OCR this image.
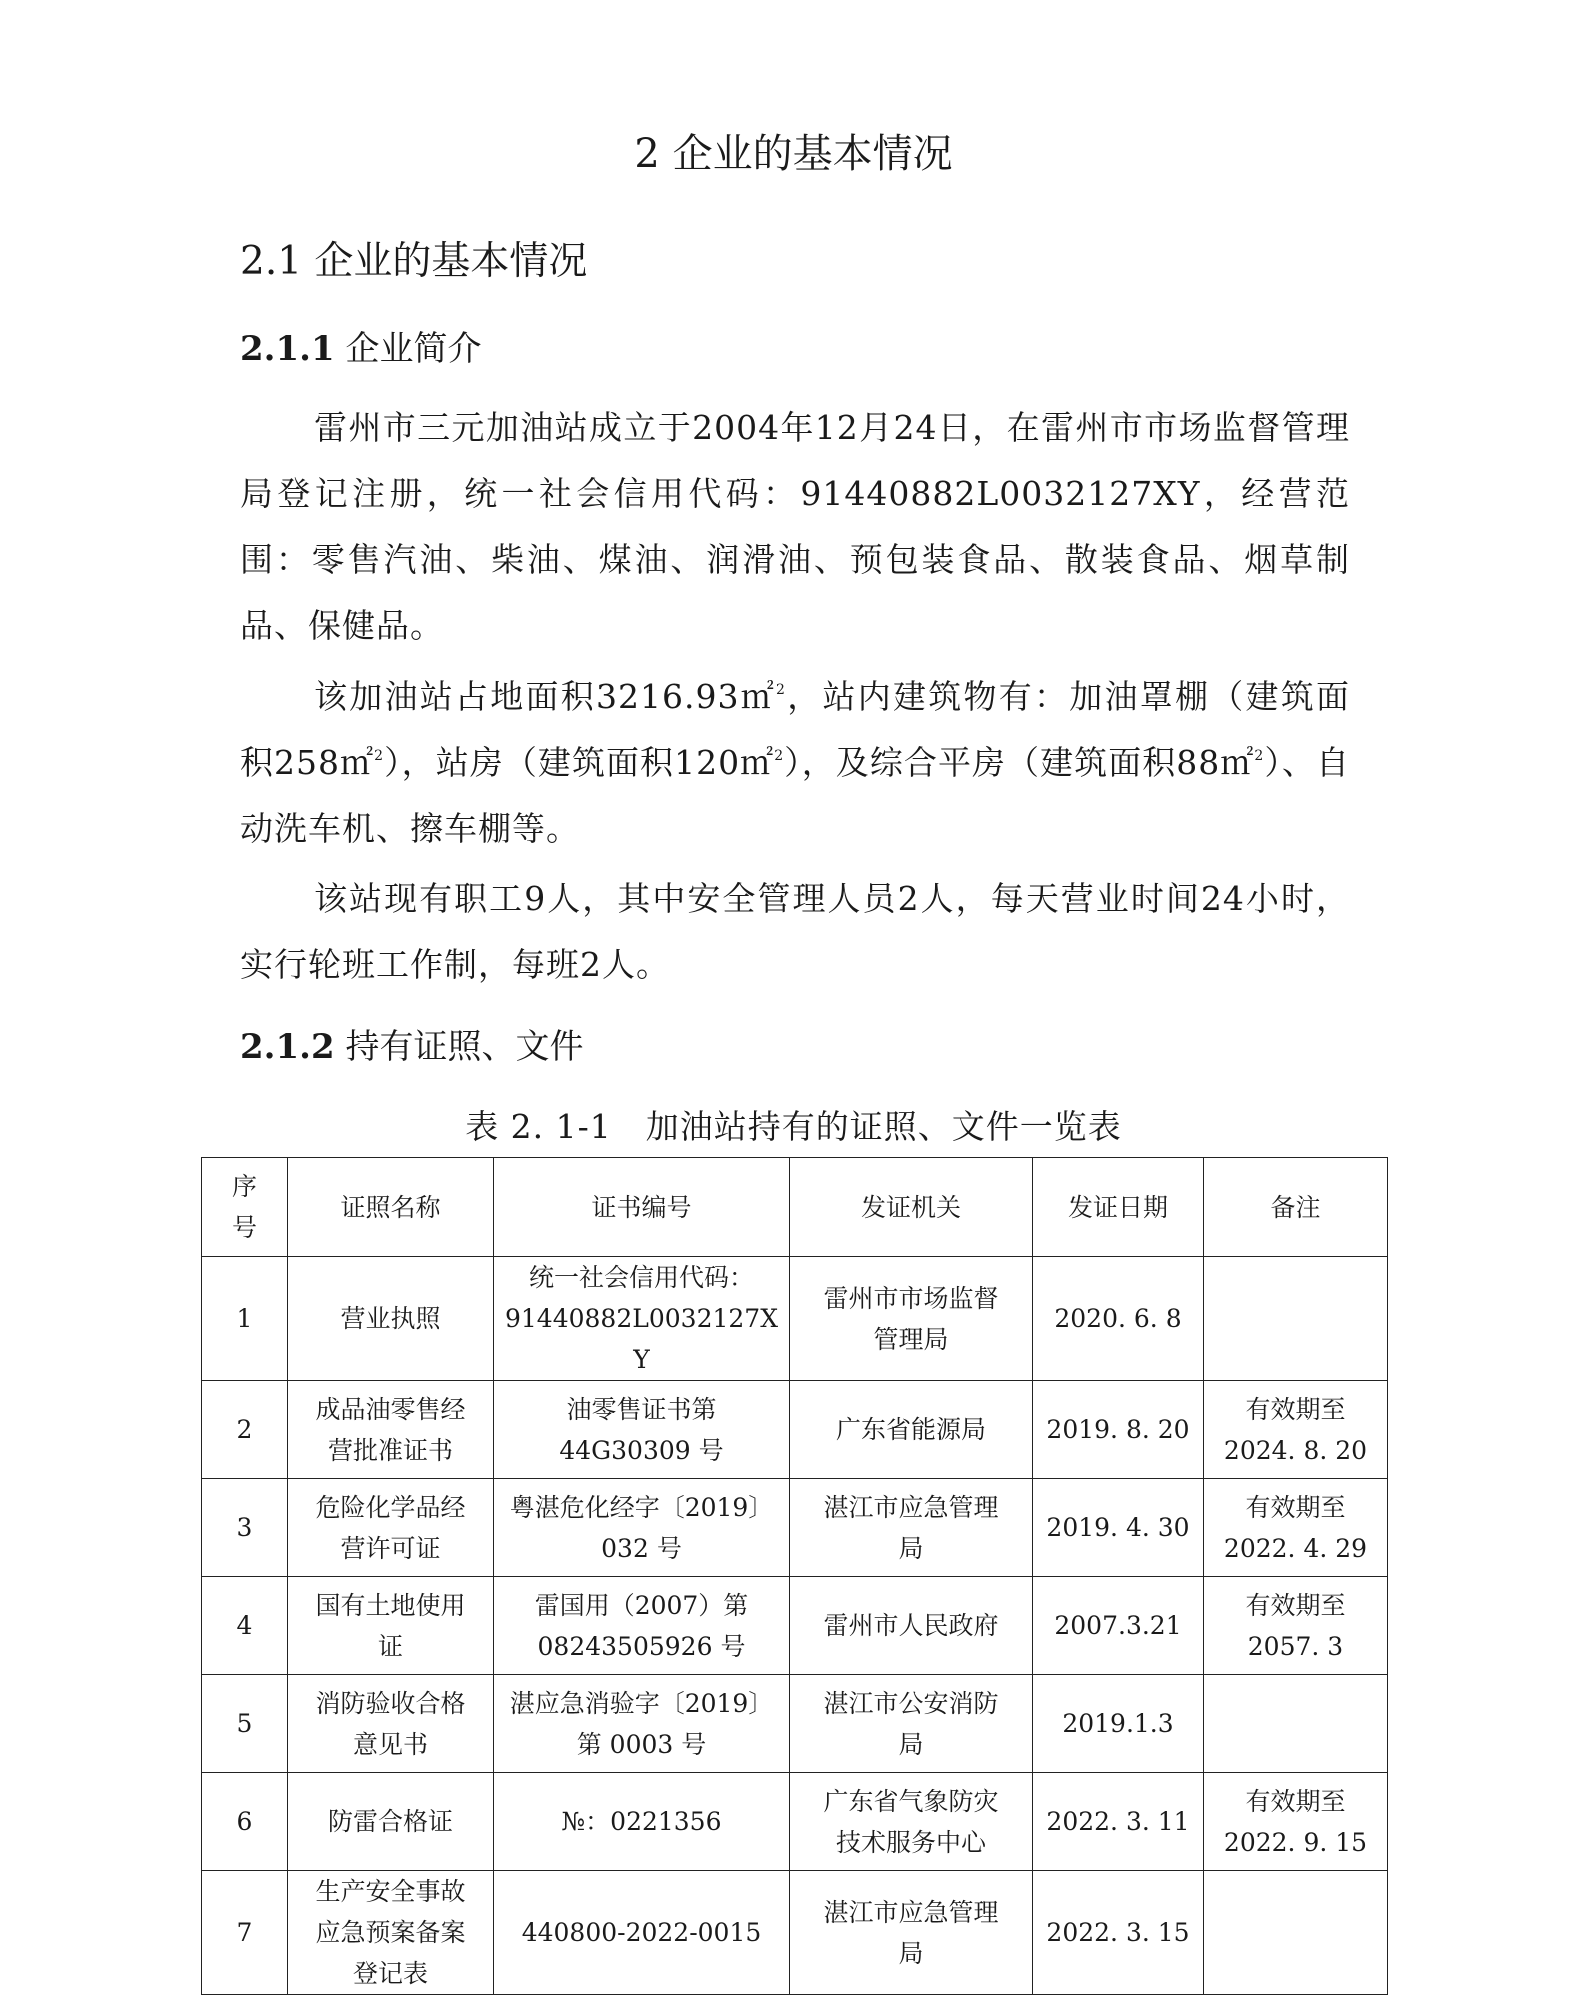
2 企业的基本情况
2.1 企业的基本情况
2.1.1 企业简介

雷州市三元加油站成立于2004年12月24日，在雷州市市场监督管理局登记注册，统一社会信用代码：91440882L0032127XY，经营范围：零售汽油、柴油、煤油、润滑油、预包装食品、散装食品、烟草制品、保健品。

该加油站占地面积3216.93㎡$^2$，站内建筑物有：加油罩棚（建筑面积258㎡$^2$），站房（建筑面积120㎡$^2$），及综合平房（建筑面积88㎡$^2$）、自动洗车机、擦车棚等。

该站现有职工9人，其中安全管理人员2人，每天营业时间24小时，实行轮班工作制，每班2人。

2.1.2 持有证照、文件

表 2. 1-1　加油站持有的证照、文件一览表

序
号	证照名称	证书编号	发证机关	发证日期	备注
1	营业执照	统一社会信用代码：
91440882L0032127XY	雷州市市场监督
管理局	2020. 6. 8	
2	成品油零售经
营批准证书	油零售证书第
44G30309 号	广东省能源局	2019. 8. 20	有效期至
2024. 8. 20

3	危险化学品经
营许可证	粤湛危化经字〔2019〕
032 号	湛江市应急管理
局	2019. 4. 30	有效期至
2022. 4. 29

4	国有土地使用
证	雷国用（2007）第
08243505926 号	雷州市人民政府	2007.3.21	有效期至
2057. 3

5	消防验收合格
意见书	湛应急消验字〔2019〕
第 0003 号	湛江市公安消防
局	2019.1.3	
6	防雷合格证	№：0221356	广东省气象防灾
技术服务中心	2022. 3. 11	有效期至
2022. 9. 15

7	生产安全事故
应急预案备案
登记表	440800-2022-0015	湛江市应急管理
局	2022. 3. 15	
